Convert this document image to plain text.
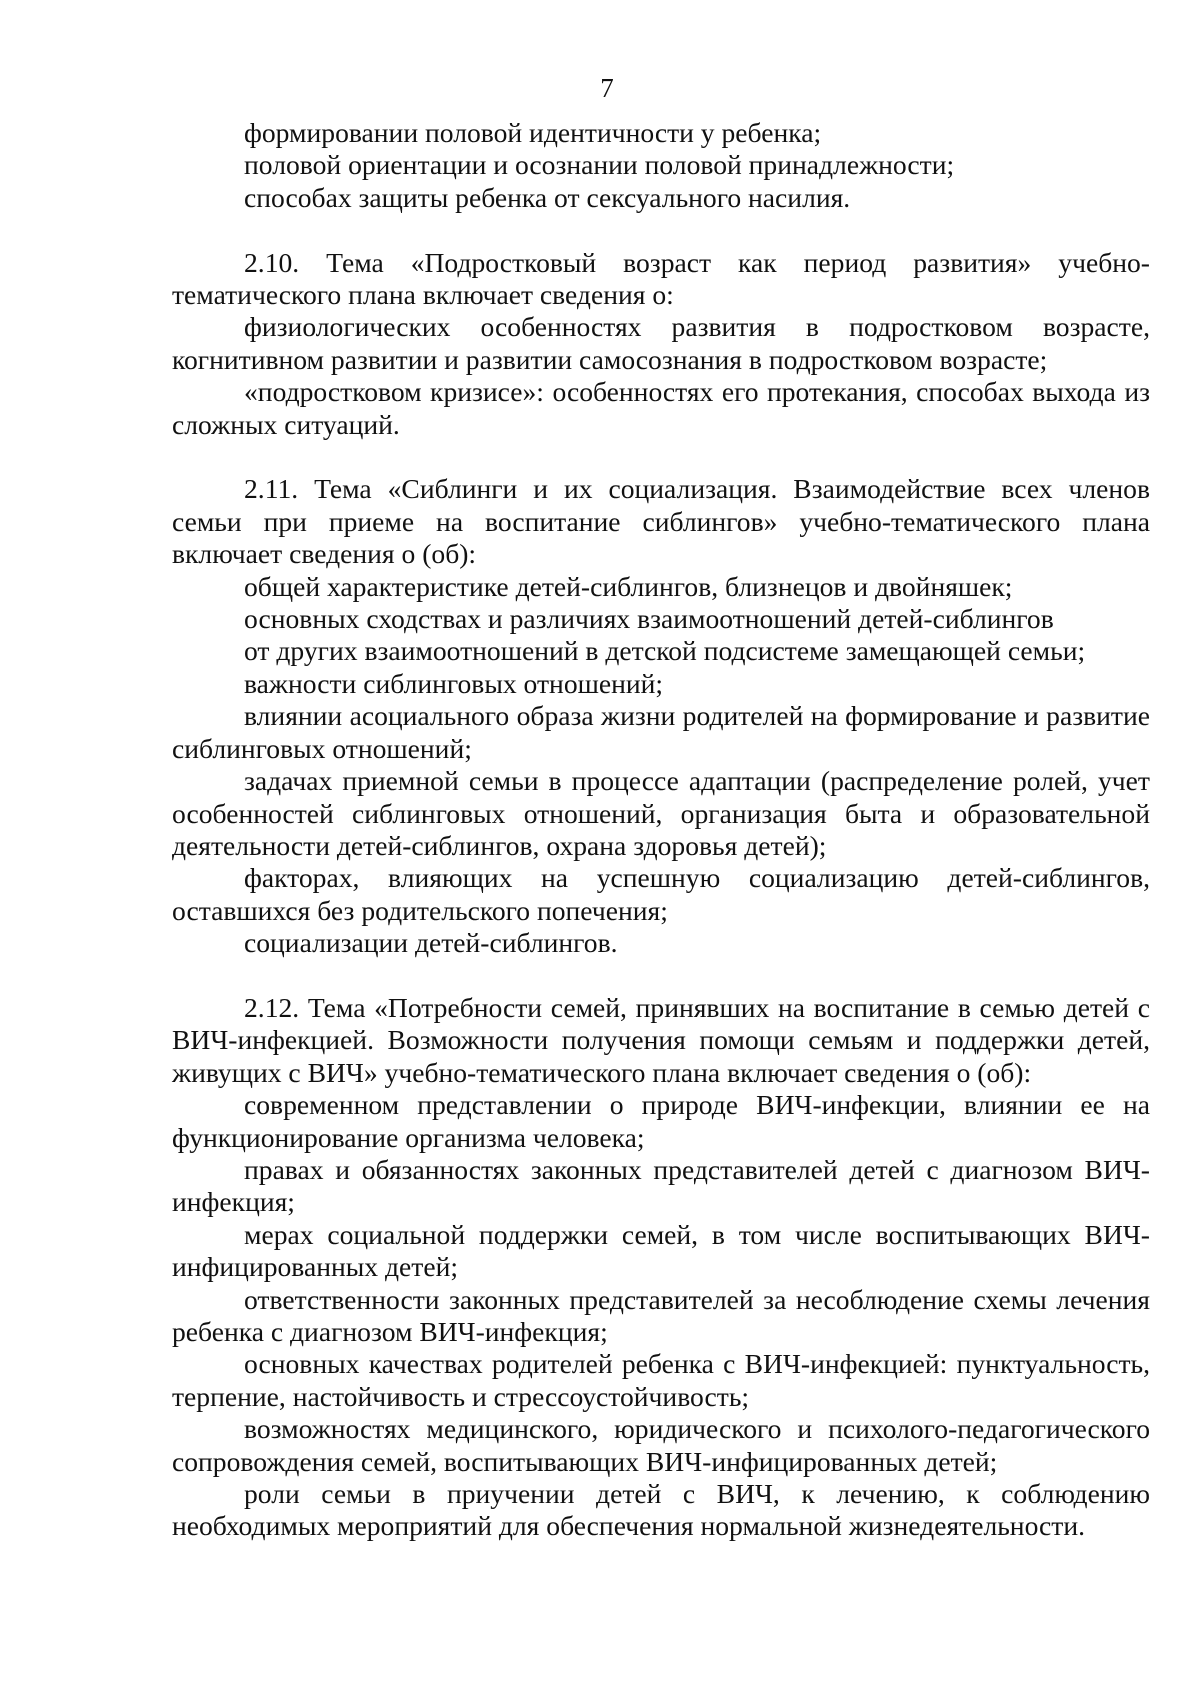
7

формировании половой идентичности у ребенка;

половой ориентации и осознании половой принадлежности;

способах защиты ребенка от сексуального насилия.

2.10. Тема «Подростковый возраст как период развития» учебно-тематического плана включает сведения о:

физиологических особенностях развития в подростковом возрасте, когнитивном развитии и развитии самосознания в подростковом возрасте;

«подростковом кризисе»: особенностях его протекания, способах выхода из сложных ситуаций.

2.11. Тема «Сиблинги и их социализация. Взаимодействие всех членов семьи при приеме на воспитание сиблингов» учебно-тематического плана включает сведения о (об):

общей характеристике детей-сиблингов, близнецов и двойняшек;

основных сходствах и различиях взаимоотношений детей-сиблингов

от других взаимоотношений в детской подсистеме замещающей семьи;

важности сиблинговых отношений;

влиянии асоциального образа жизни родителей на формирование и развитие сиблинговых отношений;

задачах приемной семьи в процессе адаптации (распределение ролей, учет особенностей сиблинговых отношений, организация быта и образовательной деятельности детей-сиблингов, охрана здоровья детей);

факторах, влияющих на успешную социализацию детей-сиблингов, оставшихся без родительского попечения;

социализации детей-сиблингов.

2.12. Тема «Потребности семей, принявших на воспитание в семью детей с ВИЧ-инфекцией. Возможности получения помощи семьям и поддержки детей, живущих с ВИЧ» учебно-тематического плана включает сведения о (об):

современном представлении о природе ВИЧ-инфекции, влиянии ее на функционирование организма человека;

правах и обязанностях законных представителей детей с диагнозом ВИЧ-инфекция;

мерах социальной поддержки семей, в том числе воспитывающих ВИЧ-инфицированных детей;

ответственности законных представителей за несоблюдение схемы лечения ребенка с диагнозом ВИЧ-инфекция;

основных качествах родителей ребенка с ВИЧ-инфекцией: пунктуальность, терпение, настойчивость и стрессоустойчивость;

возможностях медицинского, юридического и психолого-педагогического сопровождения семей, воспитывающих ВИЧ-инфицированных детей;

роли семьи в приучении детей с ВИЧ, к лечению, к соблюдению необходимых мероприятий для обеспечения нормальной жизнедеятельности.
